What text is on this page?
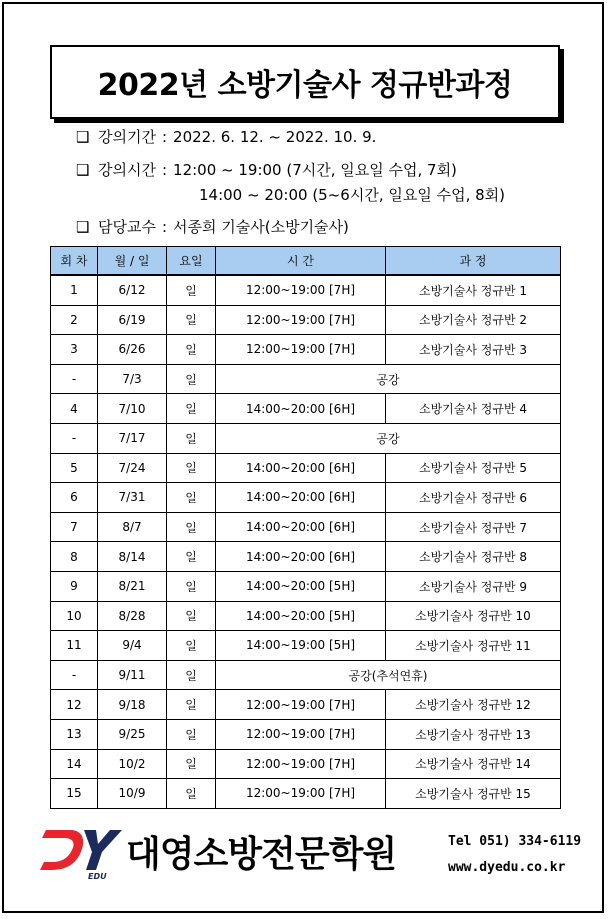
2022년 소방기술사 정규반과정
❑ 강의기간 : 2022. 6. 12. ~ 2022. 10. 9.
❑ 강의시간 : 12:00 ~ 19:00 (7시간, 일요일 수업, 7회)
14:00 ~ 20:00 (5~6시간, 일요일 수업, 8회)
❑ 담당교수 : 서종희 기술사(소방기술사)
회 차	월 / 일	요일	시 간	과 정
1	6/12	일	12:00~19:00 [7H]	소방기술사 정규반 1
2	6/19	일	12:00~19:00 [7H]	소방기술사 정규반 2
3	6/26	일	12:00~19:00 [7H]	소방기술사 정규반 3
-	7/3	일	공강	
4	7/10	일	14:00~20:00 [6H]	소방기술사 정규반 4
-	7/17	일	공강	
5	7/24	일	14:00~20:00 [6H]	소방기술사 정규반 5
6	7/31	일	14:00~20:00 [6H]	소방기술사 정규반 6
7	8/7	일	14:00~20:00 [6H]	소방기술사 정규반 7
8	8/14	일	14:00~20:00 [6H]	소방기술사 정규반 8
9	8/21	일	14:00~20:00 [5H]	소방기술사 정규반 9
10	8/28	일	14:00~20:00 [5H]	소방기술사 정규반 10
11	9/4	일	14:00~19:00 [5H]	소방기술사 정규반 11
-	9/11	일	공강(추석연휴)	
12	9/18	일	12:00~19:00 [7H]	소방기술사 정규반 12
13	9/25	일	12:00~19:00 [7H]	소방기술사 정규반 13
14	10/2	일	12:00~19:00 [7H]	소방기술사 정규반 14
15	10/9	일	12:00~19:00 [7H]	소방기술사 정규반 15
EDU
대영소방전문학원	Tel 051) 334-6119
www.dyedu.co.kr
